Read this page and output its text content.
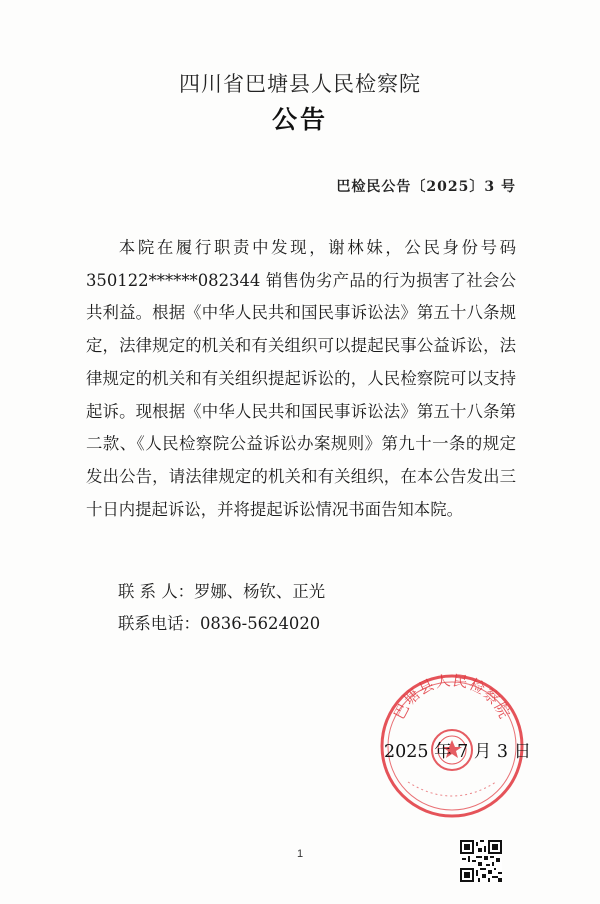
四川省巴塘县人民检察院
公告
巴检民公告〔2025〕3 号
本院在履行职责中发现，谢林妹，公民身份号码350122******082344 销售伪劣产品的行为损害了社会公共利益。根据《中华人民共和国民事诉讼法》第五十八条规定，法律规定的机关和有关组织可以提起民事公益诉讼，法律规定的机关和有关组织提起诉讼的，人民检察院可以支持起诉。现根据《中华人民共和国民事诉讼法》第五十八条第二款、《人民检察院公益诉讼办案规则》第九十一条的规定发出公告，请法律规定的机关和有关组织，在本公告发出三十日内提起诉讼，并将提起诉讼情况书面告知本院。
联 系 人：罗娜、杨钦、正光
联系电话：0836-5624020
巴塘县人民检察院
2025 年 7 月 3 日
1
